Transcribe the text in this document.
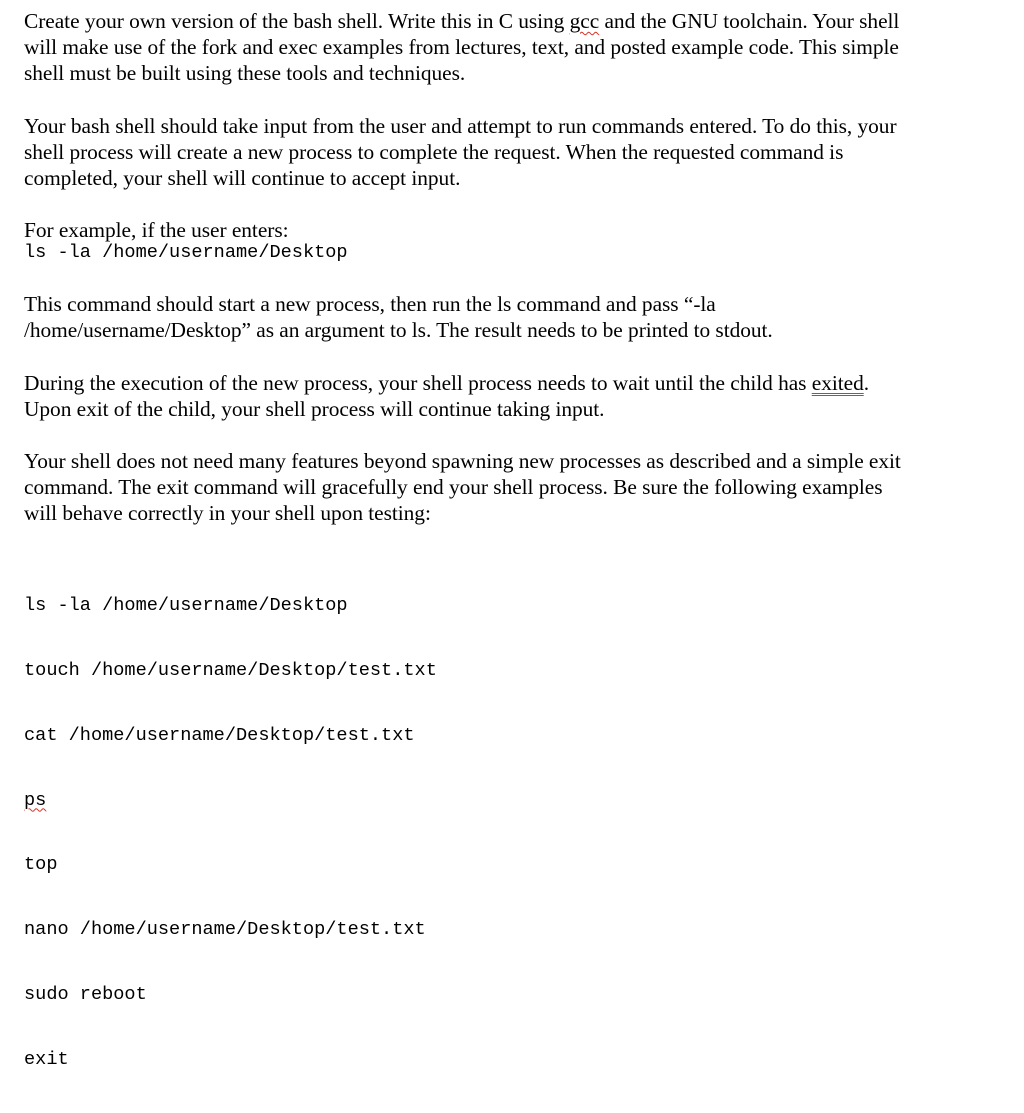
Create your own version of the bash shell. Write this in C using gcc and the GNU toolchain. Your shell
will make use of the fork and exec examples from lectures, text, and posted example code. This simple
shell must be built using these tools and techniques.

Your bash shell should take input from the user and attempt to run commands entered. To do this, your
shell process will create a new process to complete the request. When the requested command is
completed, your shell will continue to accept input.

For example, if the user enters:

ls -la /home/username/Desktop

This command should start a new process, then run the ls command and pass “-la
/home/username/Desktop” as an argument to ls. The result needs to be printed to stdout.

During the execution of the new process, your shell process needs to wait until the child has exited.
Upon exit of the child, your shell process will continue taking input.

Your shell does not need many features beyond spawning new processes as described and a simple exit
command. The exit command will gracefully end your shell process. Be sure the following examples
will behave correctly in your shell upon testing:

ls -la /home/username/Desktop

touch /home/username/Desktop/test.txt

cat /home/username/Desktop/test.txt

ps

top

nano /home/username/Desktop/test.txt

sudo reboot

exit
